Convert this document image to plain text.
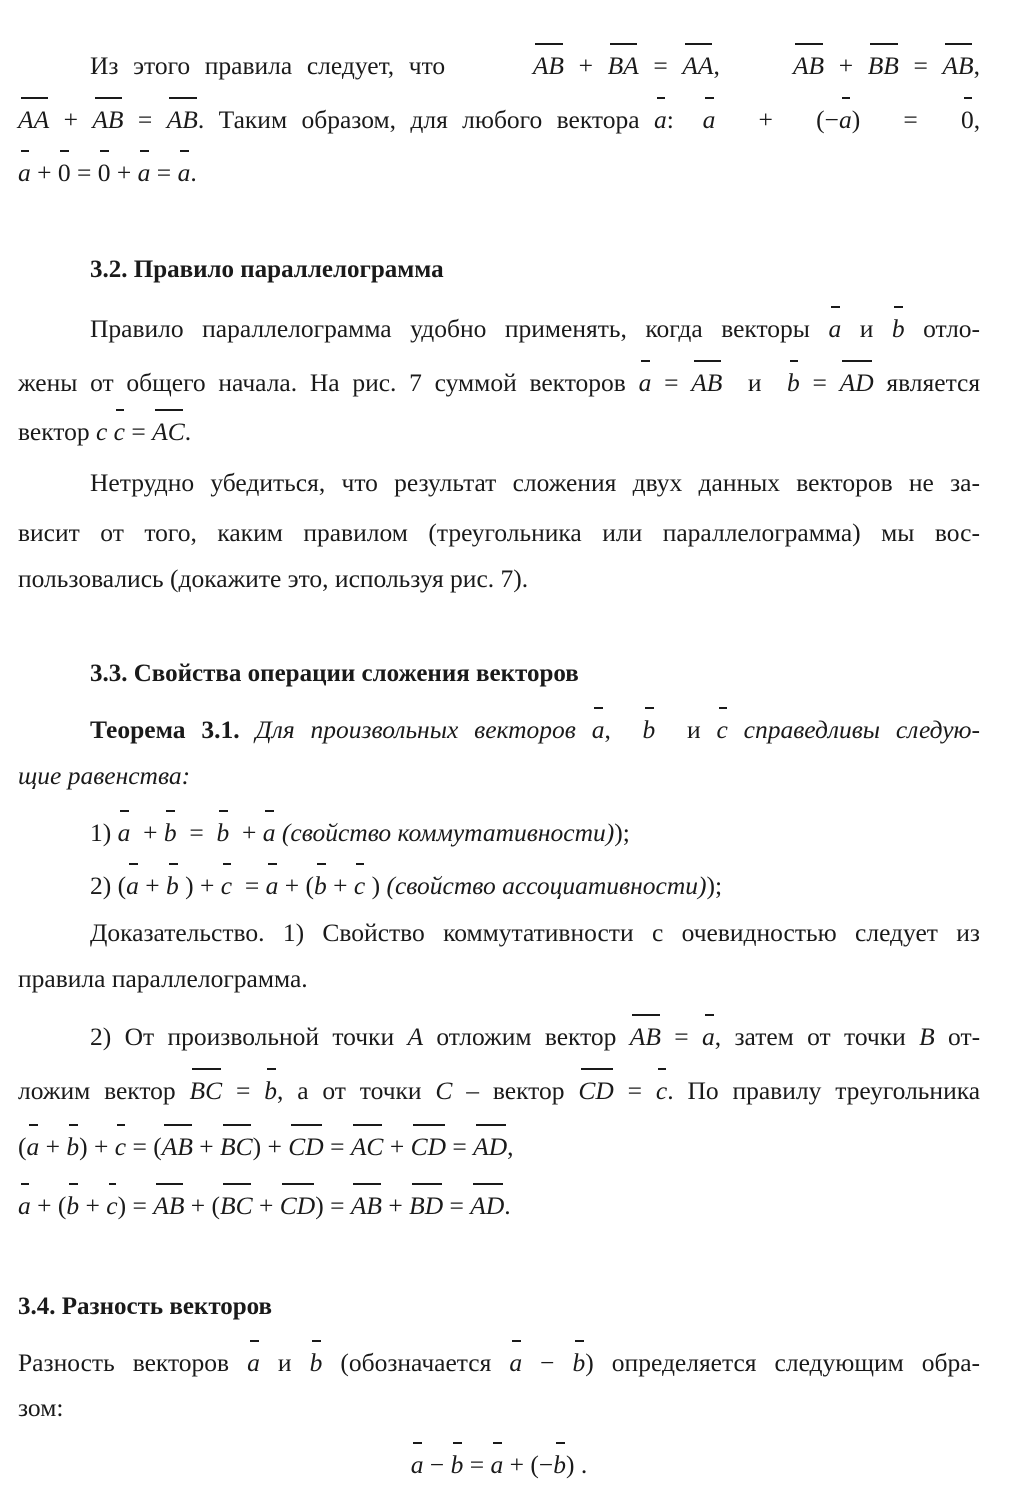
Из этого правила следует, что	AB + BA = AA,	AB + BB = AB,
AA + AB = AB. Таким образом, для любого вектора a: a + (−a) = 0,
a + 0 = 0 + a = a.
3.2. Правило параллелограмма
Правило параллелограмма удобно применять, когда векторы a и b отло-
жены от общего начала. На рис. 7 суммой векторов a = AB и b = AD является
вектор c c = AC.
Нетрудно убедиться, что результат сложения двух данных векторов не за-
висит от того, каким правилом (треугольника или параллелограмма) мы вос-
пользовались (докажите это, используя рис. 7).
3.3. Свойства операции сложения векторов
Теорема 3.1. Для произвольных векторов a, b и c справедливы следую-
щие равенства:
1) a + b = b + a (свойство коммутативности));
2) (a + b ) + c = a + (b + c ) (свойство ассоциативности));
Доказательство. 1) Свойство коммутативности с очевидностью следует из
правила параллелограмма.
2) От произвольной точки A отложим вектор AB = a, затем от точки B от-
ложим вектор BC = b, а от точки C – вектор CD = c. По правилу треугольника
(a + b) + c = (AB + BC) + CD = AC + CD = AD,
a + (b + c) = AB + (BC + CD) = AB + BD = AD.
3.4. Разность векторов
Разность векторов a и b (обозначается a − b) определяется следующим обра-
зом:
a − b = a + (−b) .
